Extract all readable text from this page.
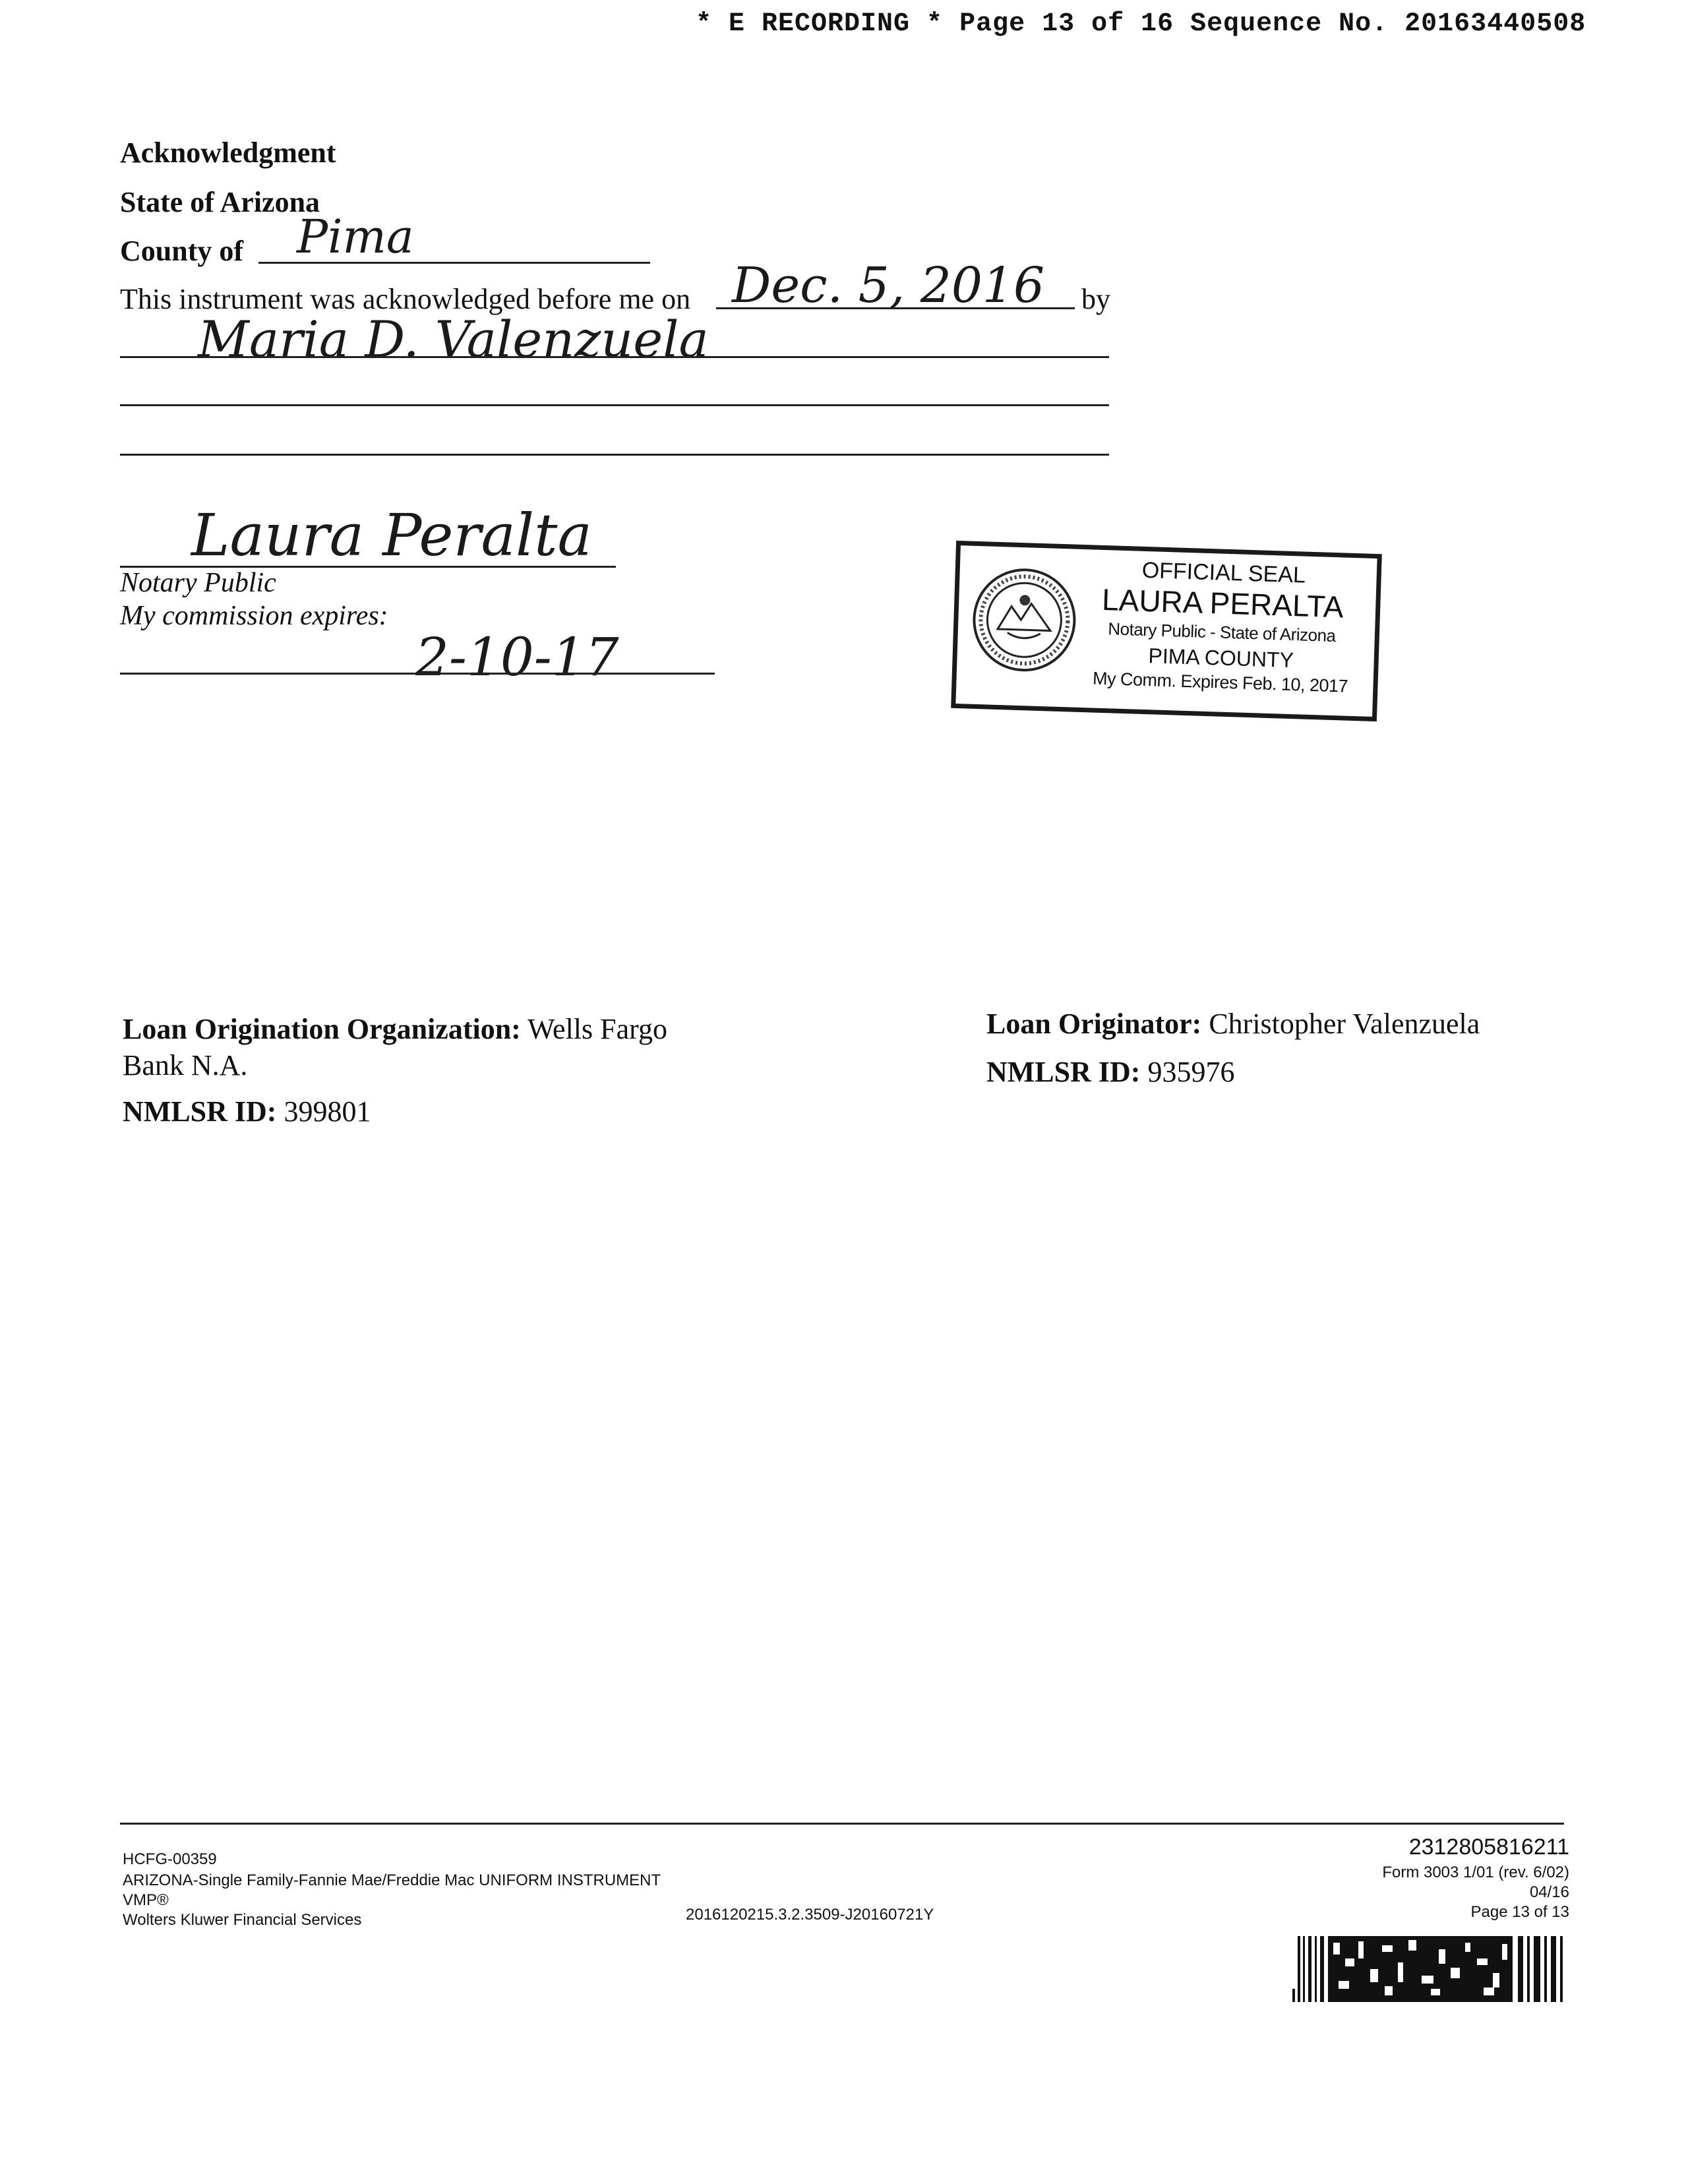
* E RECORDING * Page 13 of 16 Sequence No. 20163440508
Acknowledgment
State of Arizona
County of Pima
This instrument was acknowledged before me on Dec. 5, 2016 by
Maria D. Valenzuela
Laura Peralta
Notary Public
My commission expires:
2-10-17
OFFICIAL SEAL
LAURA PERALTA
Notary Public - State of Arizona
PIMA COUNTY
My Comm. Expires Feb. 10, 2017
Loan Origination Organization: Wells Fargo
Bank N.A.
NMLSR ID: 399801
Loan Originator: Christopher Valenzuela
NMLSR ID: 935976
HCFG-00359
ARIZONA-Single Family-Fannie Mae/Freddie Mac UNIFORM INSTRUMENT
VMP®
Wolters Kluwer Financial Services	2016120215.3.2.3509-J20160721Y
2312805816211
Form 3003 1/01 (rev. 6/02)
04/16
Page 13 of 13
